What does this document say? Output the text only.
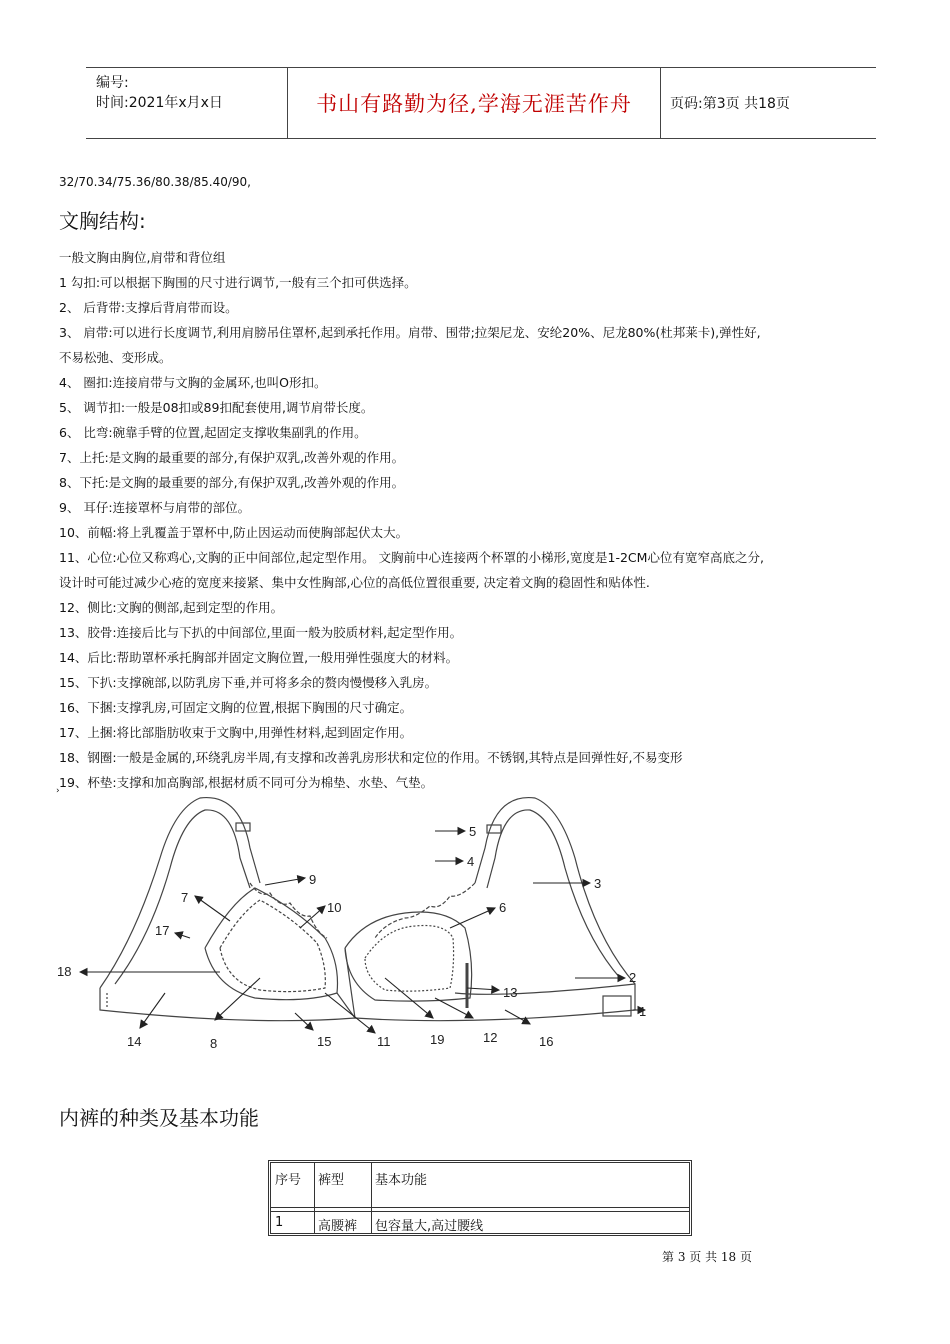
编号:
时间:2021年x月x日	书山有路勤为径,学海无涯苦作舟	页码:第3页 共18页
32/70.34/75.36/80.38/85.40/90,
文胸结构:
一般文胸由胸位,肩带和背位组
1 勾扣:可以根据下胸围的尺寸进行调节,一般有三个扣可供选择。
2、 后背带:支撑后背肩带而设。
3、 肩带:可以进行长度调节,利用肩膀吊住罩杯,起到承托作用。肩带、围带;拉架尼龙、安纶20%、尼龙80%(杜邦莱卡),弹性好,
不易松弛、变形成。
4、 圈扣:连接肩带与文胸的金属环,也叫O形扣。
5、 调节扣:一般是08扣或89扣配套使用,调节肩带长度。
6、 比弯:碗靠手臂的位置,起固定支撑收集副乳的作用。
7、上托:是文胸的最重要的部分,有保护双乳,改善外观的作用。
8、下托:是文胸的最重要的部分,有保护双乳,改善外观的作用。
9、 耳仔:连接罩杯与肩带的部位。
10、前幅:将上乳覆盖于罩杯中,防止因运动而使胸部起伏太大。
11、心位:心位又称鸡心,文胸的正中间部位,起定型作用。 文胸前中心连接两个杯罩的小梯形,宽度是1-2CM心位有宽窄高底之分,
设计时可能过减少心疮的宽度来接紧、集中女性胸部,心位的高低位置很重要, 决定着文胸的稳固性和贴体性.
12、侧比:文胸的侧部,起到定型的作用。
13、胶骨:连接后比与下扒的中间部位,里面一般为胶质材料,起定型作用。
14、后比:帮助罩杯承托胸部并固定文胸位置,一般用弹性强度大的材料。
15、下扒:支撑碗部,以防乳房下垂,并可将多余的赘肉慢慢移入乳房。
16、下捆:支撑乳房,可固定文胸的位置,根据下胸围的尺寸确定。
17、上捆:将比部脂肪收束于文胸中,用弹性材料,起到固定作用。
18、钢圈:一般是金属的,环绕乳房半周,有支撑和改善乳房形状和定位的作用。不锈钢,其特点是回弹性好,不易变形
19、杯垫:支撑和加高胸部,根据材质不同可分为棉垫、水垫、气垫。
›
1
2
3
4
5
6
7
8
9
10
11	12
13
14	15	16
17
18
19
内裤的种类及基本功能
序号 裤型 基本功能
1	高腰裤 包容量大,高过腰线
第 3 页 共 18 页
